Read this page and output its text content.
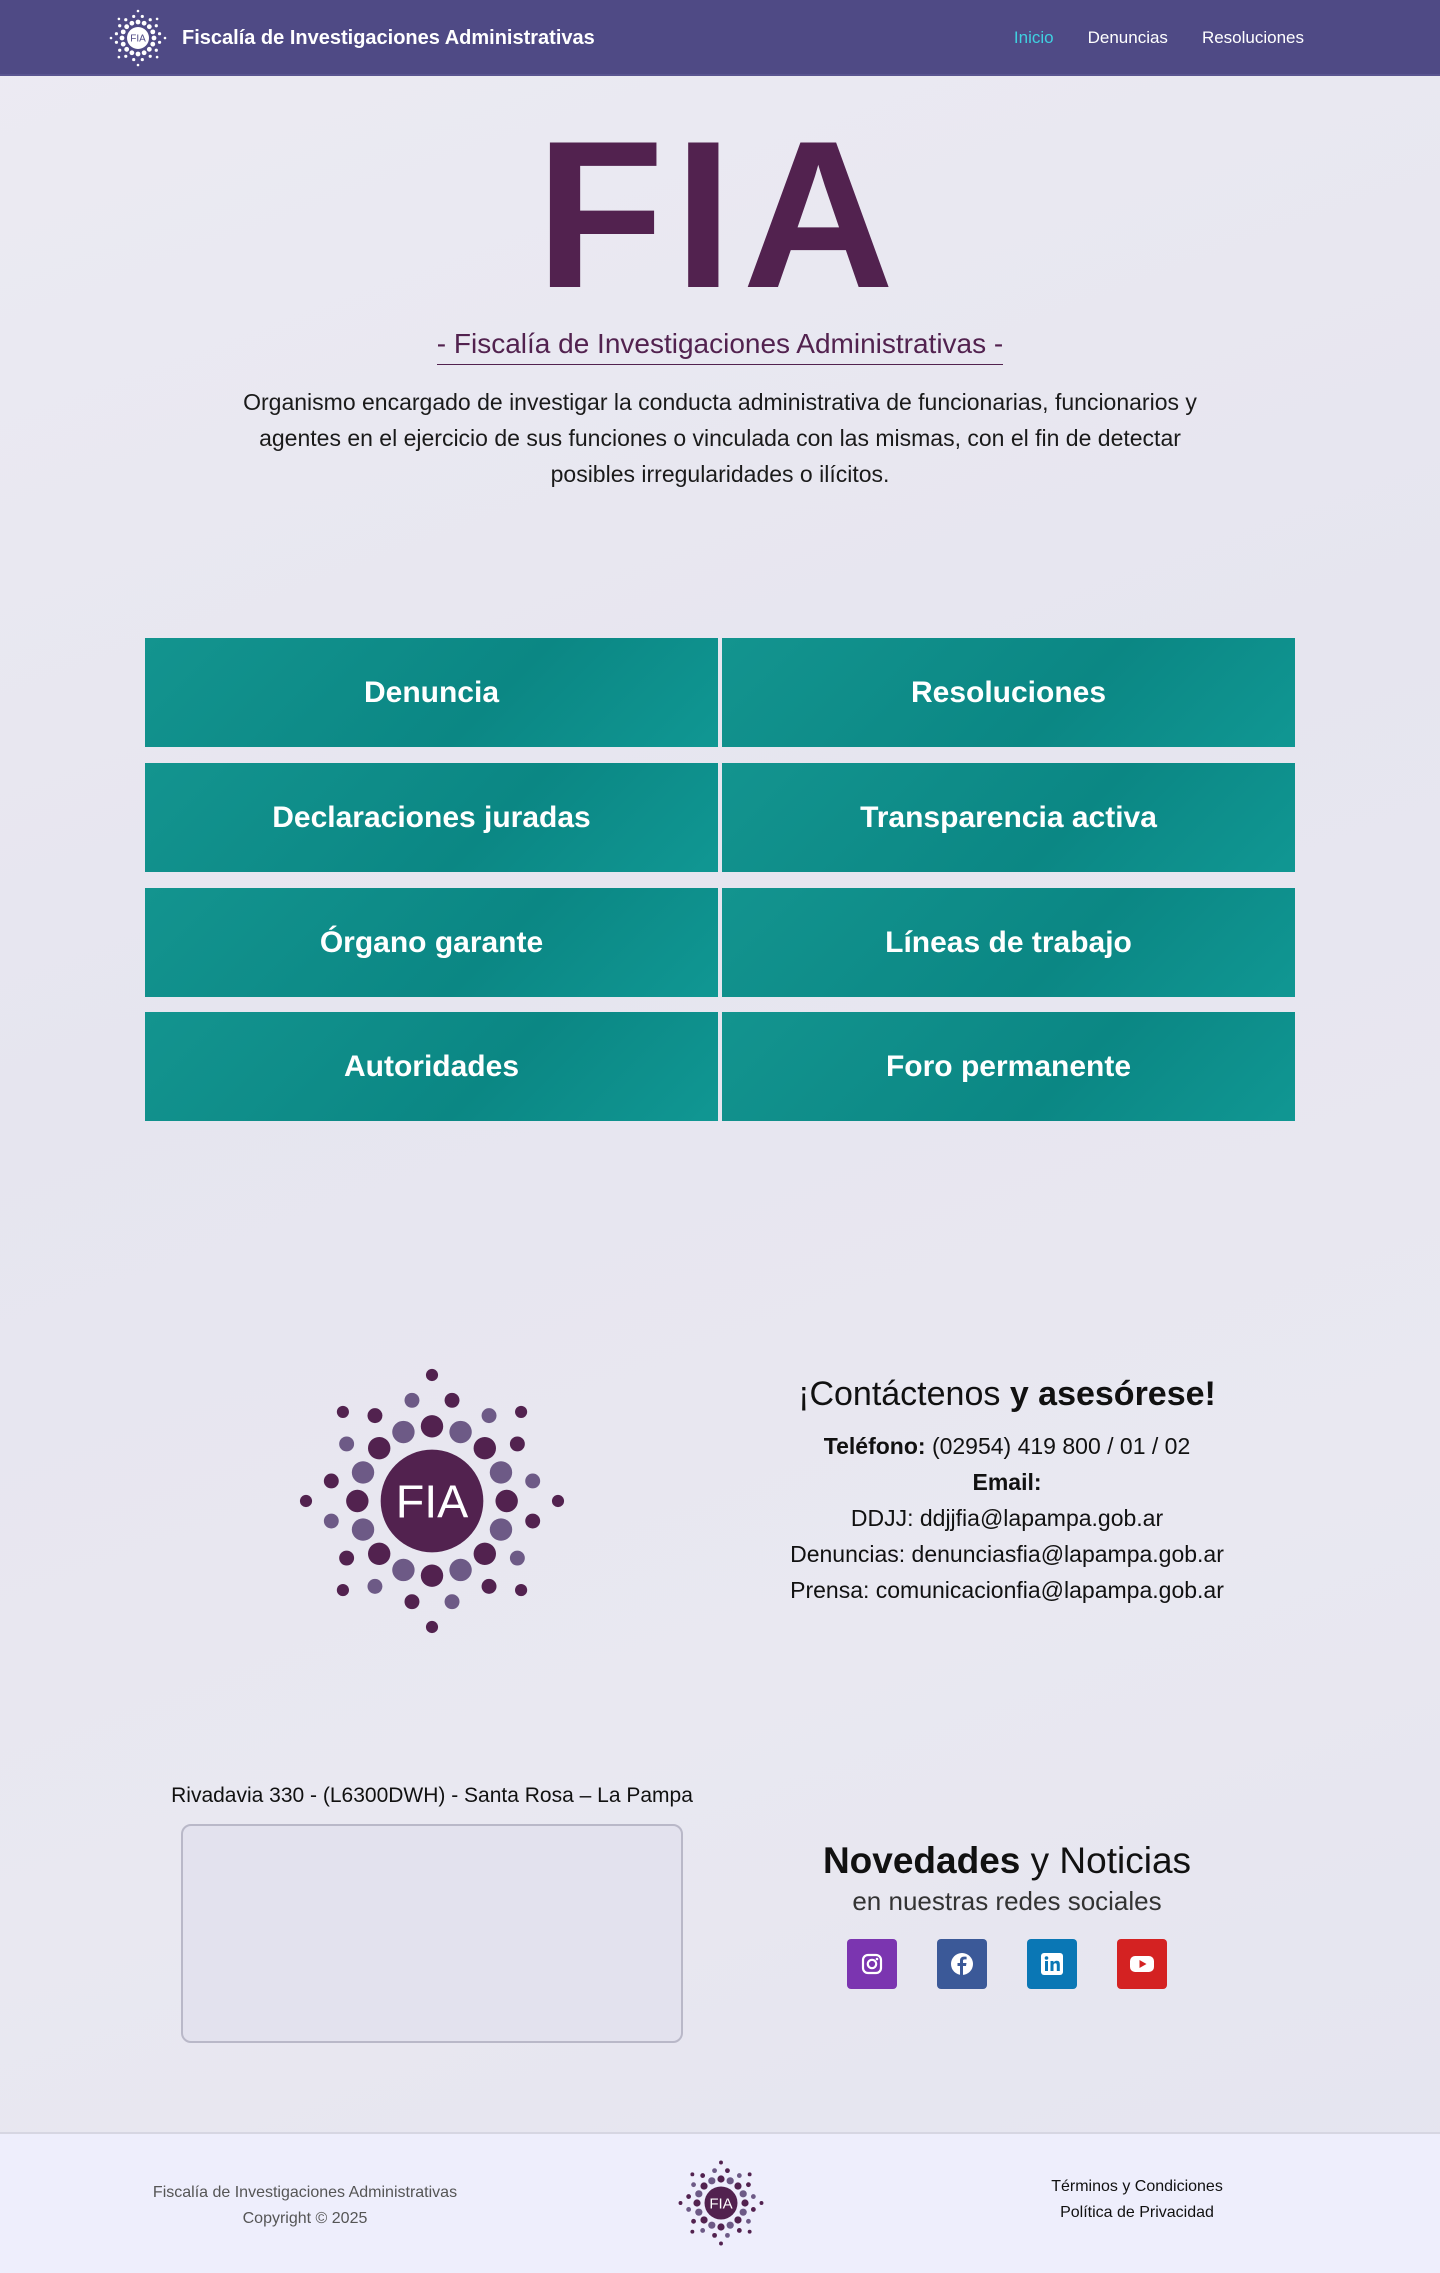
FIA Fiscalía de Investigaciones Administrativas	Inicio Denuncias Resoluciones
FIA
- Fiscalía de Investigaciones Administrativas -
Organismo encargado de investigar la conducta administrativa de funcionarias, funcionarios y agentes en el ejercicio de sus funciones o vinculada con las mismas, con el fin de detectar posibles irregularidades o ilícitos.
Denuncia	Resoluciones
Declaraciones juradas	Transparencia activa
Órgano garante	Líneas de trabajo
Autoridades	Foro permanente
FIA
¡Contáctenos y asesórese!

Teléfono: (02954) 419 800 / 01 / 02

Email:

DDJJ: ddjjfia@lapampa.gob.ar

Denuncias: denunciasfia@lapampa.gob.ar

Prensa: comunicacionfia@lapampa.gob.ar

Rivadavia 330 - (L6300DWH) - Santa Rosa – La Pampa
Novedades y Noticias
en nuestras redes sociales
Fiscalía de Investigaciones Administrativas
Copyright © 2025
FIA
Términos y Condiciones
Política de Privacidad
